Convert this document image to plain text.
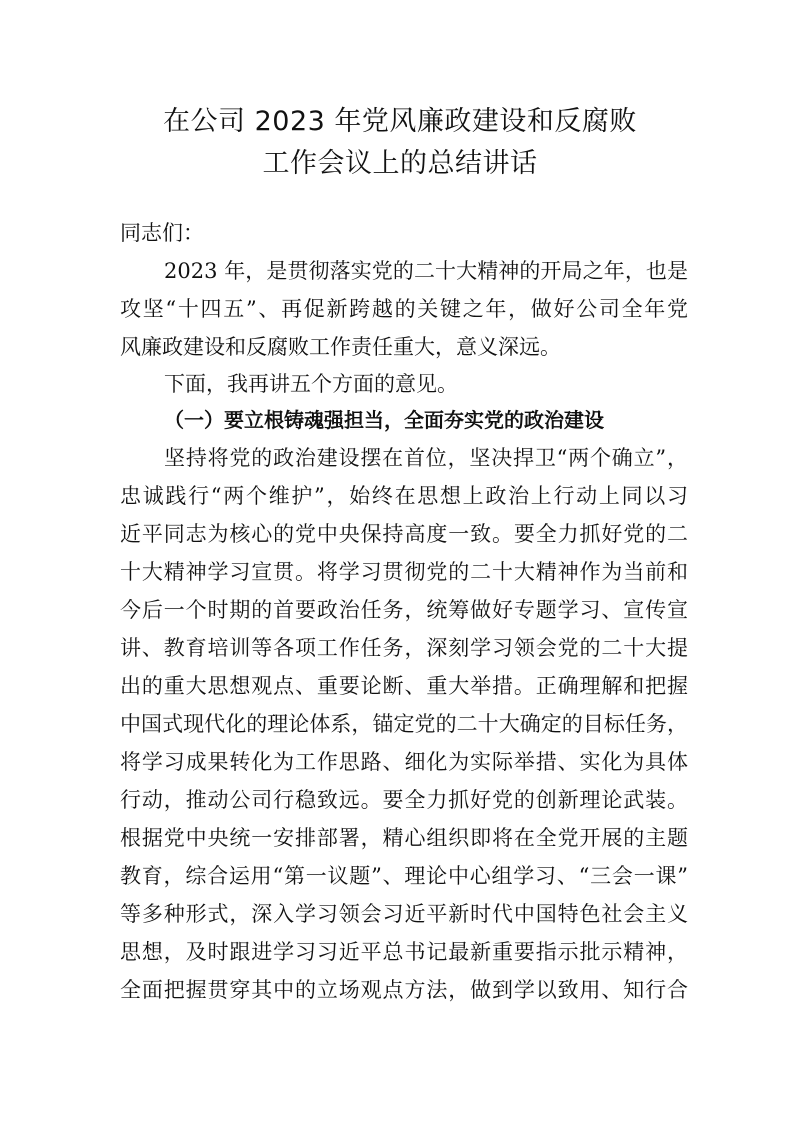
在公司 2023 年党风廉政建设和反腐败
工作会议上的总结讲话
同志们：
2023 年，是贯彻落实党的二十大精神的开局之年，也是
攻坚“十四五”、再促新跨越的关键之年，做好公司全年党
风廉政建设和反腐败工作责任重大，意义深远。
下面，我再讲五个方面的意见。
（一）要立根铸魂强担当，全面夯实党的政治建设
坚持将党的政治建设摆在首位，坚决捍卫“两个确立”，
忠诚践行“两个维护”，始终在思想上政治上行动上同以习
近平同志为核心的党中央保持高度一致。要全力抓好党的二
十大精神学习宣贯。将学习贯彻党的二十大精神作为当前和
今后一个时期的首要政治任务，统筹做好专题学习、宣传宣
讲、教育培训等各项工作任务，深刻学习领会党的二十大提
出的重大思想观点、重要论断、重大举措。正确理解和把握
中国式现代化的理论体系，锚定党的二十大确定的目标任务，
将学习成果转化为工作思路、细化为实际举措、实化为具体
行动，推动公司行稳致远。要全力抓好党的创新理论武装。
根据党中央统一安排部署，精心组织即将在全党开展的主题
教育，综合运用“第一议题”、理论中心组学习、“三会一课”
等多种形式，深入学习领会习近平新时代中国特色社会主义
思想，及时跟进学习习近平总书记最新重要指示批示精神，
全面把握贯穿其中的立场观点方法，做到学以致用、知行合
